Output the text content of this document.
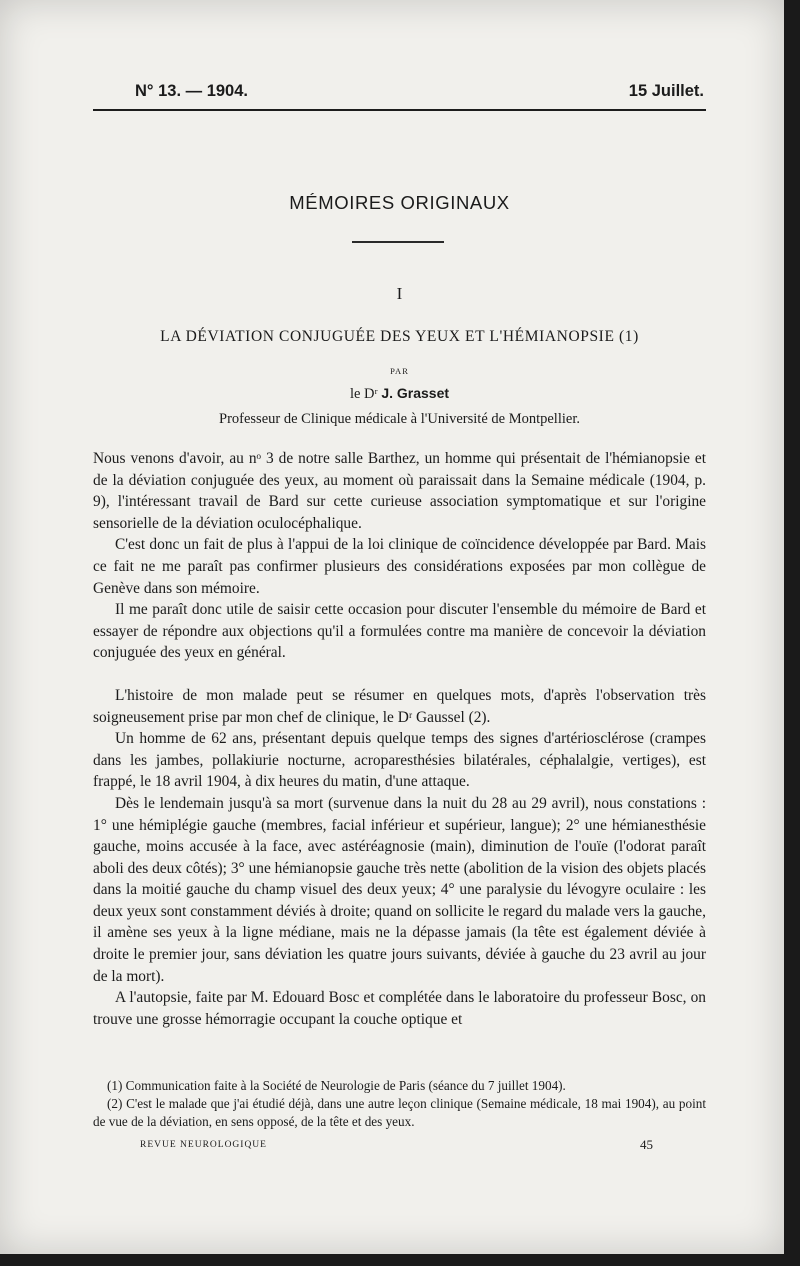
N° 13. — 1904.	15 Juillet.
MÉMOIRES ORIGINAUX
I
LA DÉVIATION CONJUGUÉE DES YEUX ET L'HÉMIANOPSIE (1)
PAR
le Dʳ J. Grasset
Professeur de Clinique médicale à l'Université de Montpellier.

Nous venons d'avoir, au nᵒ 3 de notre salle Barthez, un homme qui présentait de l'hémianopsie et de la déviation conjuguée des yeux, au moment où paraissait dans la Semaine médicale (1904, p. 9), l'intéressant travail de Bard sur cette curieuse association symptomatique et sur l'origine sensorielle de la déviation oculocéphalique.

C'est donc un fait de plus à l'appui de la loi clinique de coïncidence développée par Bard. Mais ce fait ne me paraît pas confirmer plusieurs des considérations exposées par mon collègue de Genève dans son mémoire.

Il me paraît donc utile de saisir cette occasion pour discuter l'ensemble du mémoire de Bard et essayer de répondre aux objections qu'il a formulées contre ma manière de concevoir la déviation conjuguée des yeux en général.

L'histoire de mon malade peut se résumer en quelques mots, d'après l'observation très soigneusement prise par mon chef de clinique, le Dʳ Gaussel (2).

Un homme de 62 ans, présentant depuis quelque temps des signes d'artériosclérose (crampes dans les jambes, pollakiurie nocturne, acroparesthésies bilatérales, céphalalgie, vertiges), est frappé, le 18 avril 1904, à dix heures du matin, d'une attaque.

Dès le lendemain jusqu'à sa mort (survenue dans la nuit du 28 au 29 avril), nous constations : 1° une hémiplégie gauche (membres, facial inférieur et supérieur, langue); 2° une hémianesthésie gauche, moins accusée à la face, avec astéréagnosie (main), diminution de l'ouïe (l'odorat paraît aboli des deux côtés); 3° une hémianopsie gauche très nette (abolition de la vision des objets placés dans la moitié gauche du champ visuel des deux yeux; 4° une paralysie du lévogyre oculaire : les deux yeux sont constamment déviés à droite; quand on sollicite le regard du malade vers la gauche, il amène ses yeux à la ligne médiane, mais ne la dépasse jamais (la tête est également déviée à droite le premier jour, sans déviation les quatre jours suivants, déviée à gauche du 23 avril au jour de la mort).

A l'autopsie, faite par M. Edouard Bosc et complétée dans le laboratoire du professeur Bosc, on trouve une grosse hémorragie occupant la couche optique et

(1) Communication faite à la Société de Neurologie de Paris (séance du 7 juillet 1904).

(2) C'est le malade que j'ai étudié déjà, dans une autre leçon clinique (Semaine médicale, 18 mai 1904), au point de vue de la déviation, en sens opposé, de la tête et des yeux.

REVUE NEUROLOGIQUE	45
